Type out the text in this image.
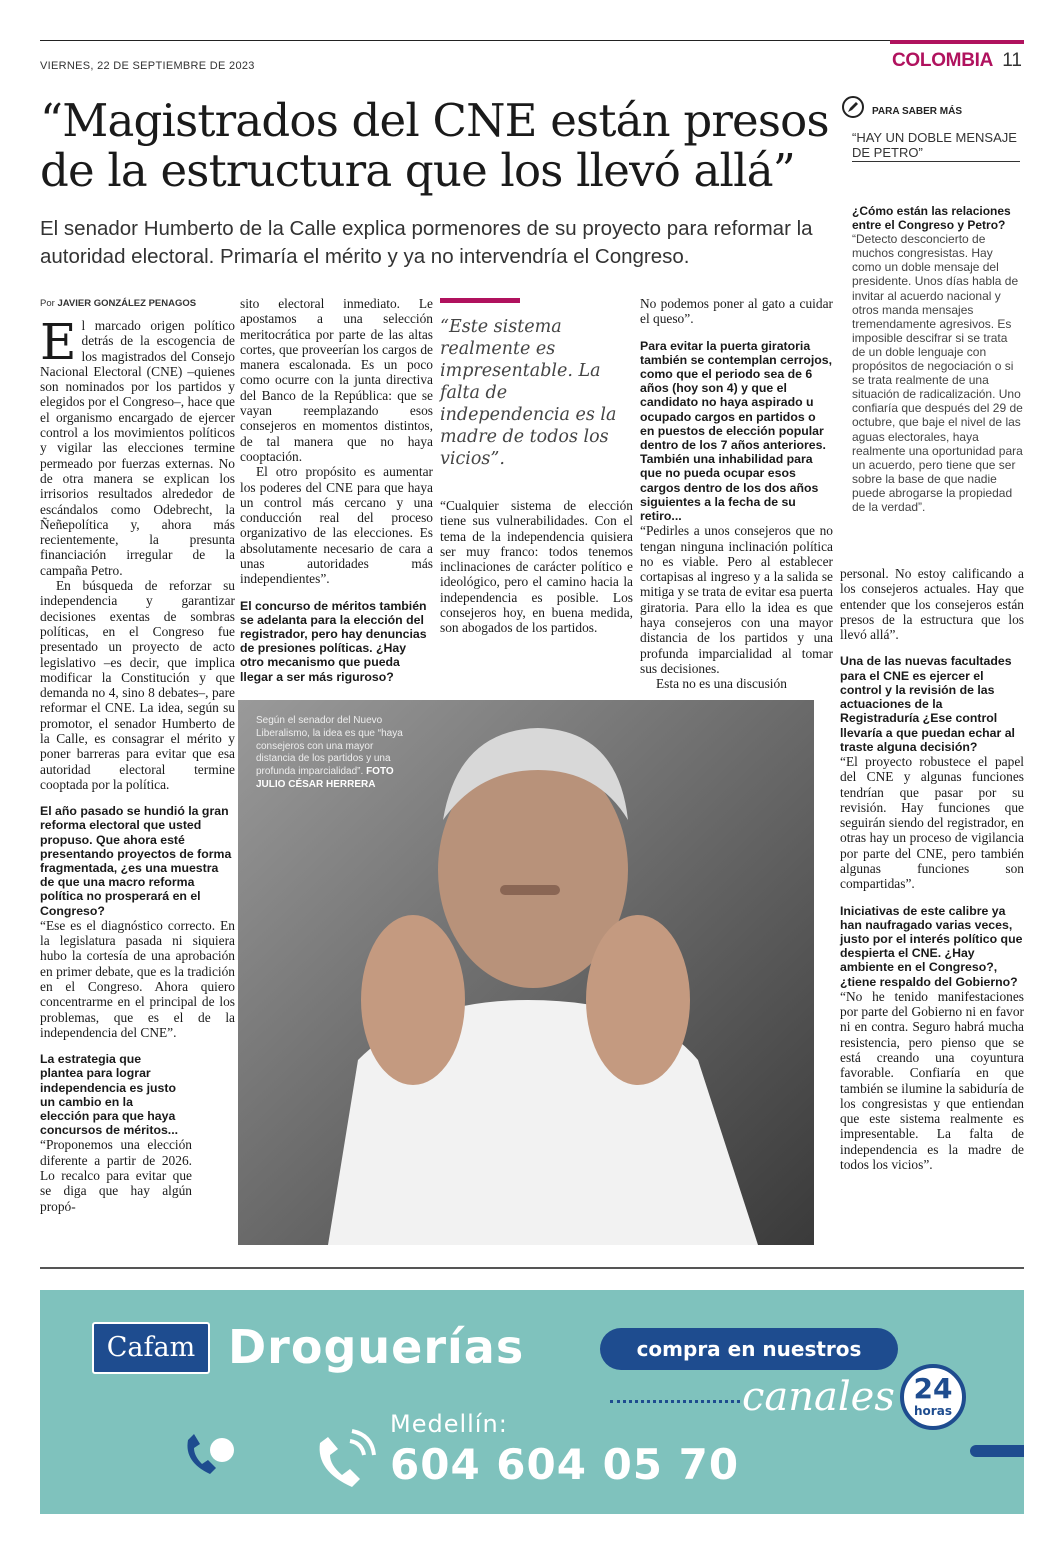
VIERNES, 22 DE SEPTIEMBRE DE 2023	COLOMBIA 11
“Magistrados del CNE están presos
de la estructura que los llevó allá”
El senador Humberto de la Calle explica pormenores de su proyecto para reformar la autoridad electoral. Primaría el mérito y ya no intervendría el Congreso.
Por JAVIER GONZÁLEZ PENAGOS

El marcado origen político detrás de la escogencia de los magistrados del Consejo Nacional Electoral (CNE) –quienes son nominados por los partidos y elegidos por el Congreso–, hace que el organismo encargado de ejercer control a los movimientos políticos y vigilar las elecciones termine permeado por fuerzas externas. No de otra manera se explican los irrisorios resultados alrededor de escándalos como Odebrecht, la Ñeñepolítica y, ahora más recientemente, la presunta financiación irregular de la campaña Petro.

En búsqueda de reforzar su independencia y garantizar decisiones exentas de sombras políticas, en el Congreso fue presentado un proyecto de acto legislativo –es decir, que implica modificar la Constitución y que demanda no 4, sino 8 debates–, pare reformar el CNE. La idea, según su promotor, el senador Humberto de la Calle, es consagrar el mérito y poner barreras para evitar que esa autoridad electoral termine cooptada por la política.

El año pasado se hundió la gran reforma electoral que usted propuso. Que ahora esté presentando proyectos de forma fragmentada, ¿es una muestra de que una macro reforma política no prosperará en el Congreso?

“Ese es el diagnóstico correcto. En la legislatura pasada ni siquiera hubo la cortesía de una aprobación en primer debate, que es la tradición en el Congreso. Ahora quiero concentrarme en el principal de los problemas, que es el de la independencia del CNE”.

La estrategia que plantea para lograr independencia es justo un cambio en la elección para que haya concursos de méritos...

“Proponemos una elección diferente a partir de 2026. Lo recalco para evitar que se diga que hay algún propó-

sito electoral inmediato. Le apostamos a una selección meritocrática por parte de las altas cortes, que proveerían los cargos de manera escalonada. Es un poco como ocurre con la junta directiva del Banco de la República: que se vayan reemplazando esos consejeros en momentos distintos, de tal manera que no haya cooptación.

El otro propósito es aumentar los poderes del CNE para que haya un control más cercano y una conducción real del proceso organizativo de las elecciones. Es absolutamente necesario de cara a unas autoridades más independientes”.

El concurso de méritos también se adelanta para la elección del registrador, pero hay denuncias de presiones políticas. ¿Hay otro mecanismo que pueda llegar a ser más riguroso?
“Este sistema realmente es impresentable. La falta de independencia es la madre de todos los vicios”.

“Cualquier sistema de elección tiene sus vulnerabilidades. Con el tema de la independencia quisiera ser muy franco: todos tenemos inclinaciones de carácter político e ideológico, pero el camino hacia la independencia es posible. Los consejeros hoy, en buena medida, son abogados de los partidos.

No podemos poner al gato a cuidar el queso”.

Para evitar la puerta giratoria también se contemplan cerrojos, como que el periodo sea de 6 años (hoy son 4) y que el candidato no haya aspirado u ocupado cargos en partidos o en puestos de elección popular dentro de los 7 años anteriores. También una inhabilidad para que no pueda ocupar esos cargos dentro de los dos años siguientes a la fecha de su retiro...

“Pedirles a unos consejeros que no tengan ninguna inclinación política no es viable. Pero al establecer cortapisas al ingreso y a la salida se mitiga y se trata de evitar esa puerta giratoria. Para ello la idea es que haya consejeros con una mayor distancia de los partidos y una profunda imparcialidad al tomar sus decisiones.

Esta no es una discusión

PARA SABER MÁS
“HAY UN DOBLE MENSAJE DE PETRO”
¿Cómo están las relaciones entre el Congreso y Petro?
“Detecto desconcierto de muchos congresistas. Hay como un doble mensaje del presidente. Unos días habla de invitar al acuerdo nacional y otros manda mensajes tremendamente agresivos. Es imposible descifrar si se trata de un doble lenguaje con propósitos de negociación o si se trata realmente de una situación de radicalización. Uno confiaría que después del 29 de octubre, que baje el nivel de las aguas electorales, haya realmente una oportunidad para un acuerdo, pero tiene que ser sobre la base de que nadie puede abrogarse la propiedad de la verdad”.

personal. No estoy calificando a los consejeros actuales. Hay que entender que los consejeros están presos de la estructura que los llevó allá”.

Una de las nuevas facultades para el CNE es ejercer el control y la revisión de las actuaciones de la Registraduría ¿Ese control llevaría a que puedan echar al traste alguna decisión?

“El proyecto robustece el papel del CNE y algunas funciones tendrían que pasar por su revisión. Hay funciones que seguirán siendo del registrador, en otras hay un proceso de vigilancia por parte del CNE, pero también algunas funciones son compartidas”.

Iniciativas de este calibre ya han naufragado varias veces, justo por el interés político que despierta el CNE. ¿Hay ambiente en el Congreso?, ¿tiene respaldo del Gobierno?

“No he tenido manifestaciones por parte del Gobierno ni en favor ni en contra. Seguro habrá mucha resistencia, pero pienso que se está creando una coyuntura favorable. Confiaría en que también se ilumine la sabiduría de los congresistas y que entiendan que este sistema realmente es impresentable. La falta de independencia es la madre de todos los vicios”.

Según el senador del Nuevo Liberalismo, la idea es que “haya consejeros con una mayor distancia de los partidos y una profunda imparcialidad”. FOTO JULIO CÉSAR HERRERA
Cafam Droguerías	compra en nuestros
canales 24
horas
Medellín:
604 604 05 70
